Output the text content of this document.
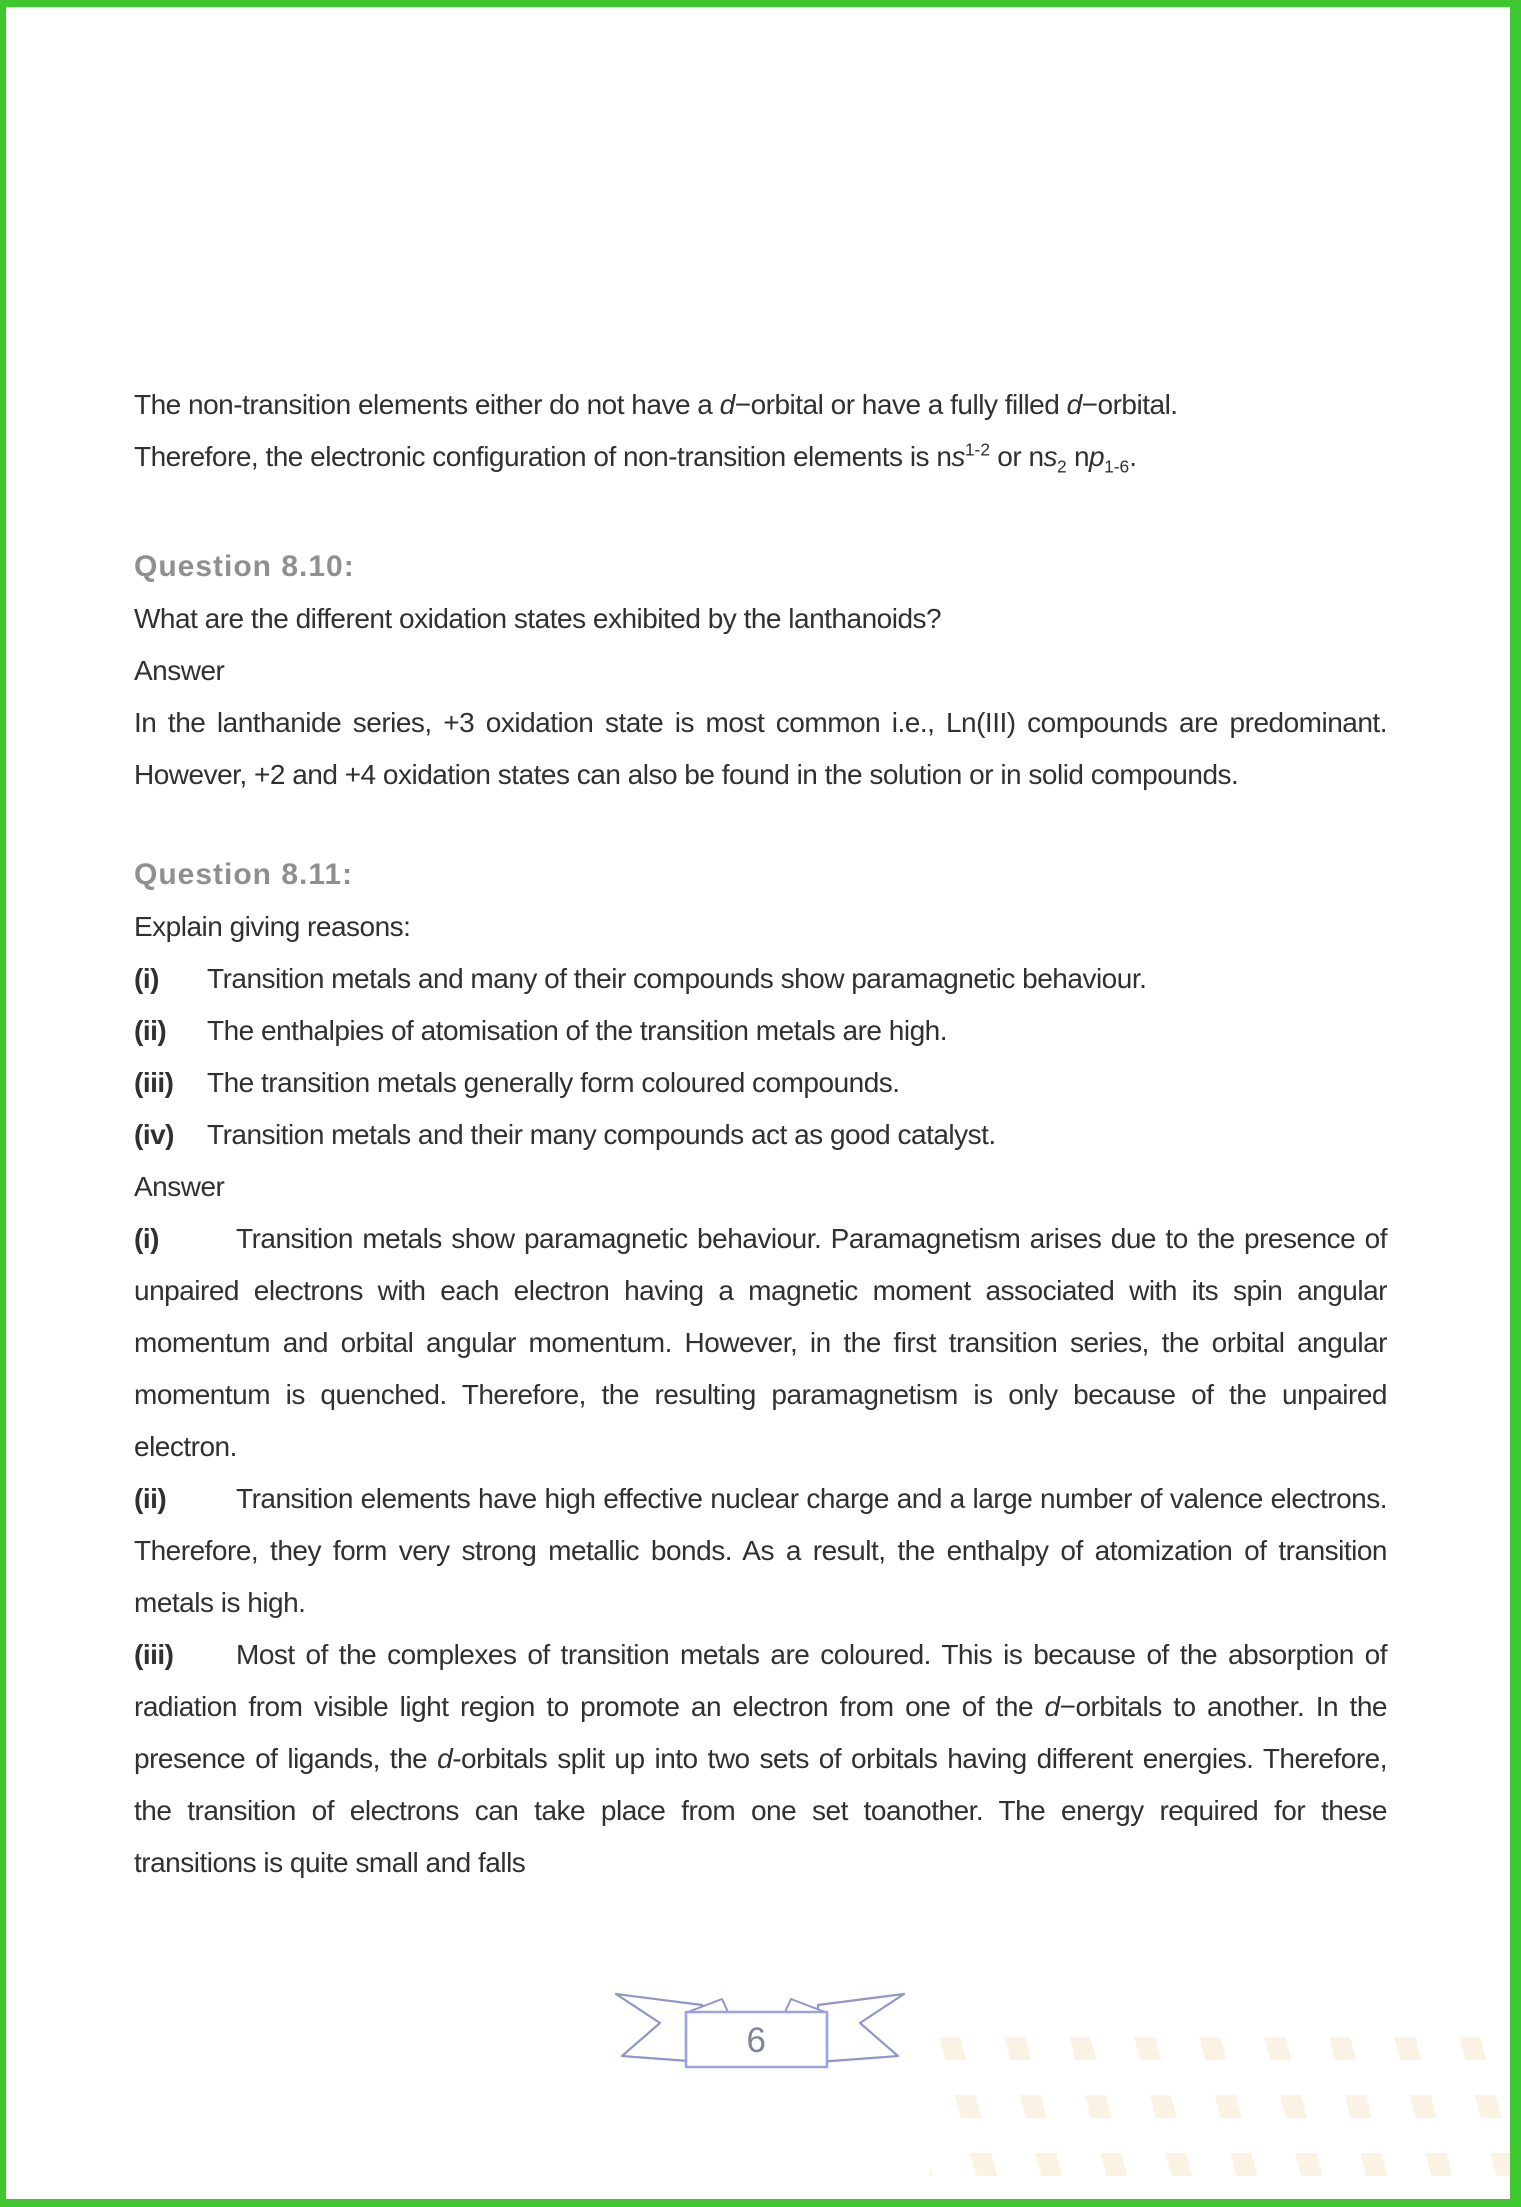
The non-transition elements either do not have a d−orbital or have a fully filled d−orbital.
Therefore, the electronic configuration of non-transition elements is $ns^{1-2}$ or $ns_2$ $np_{1-6}$.

Question 8.10:

What are the different oxidation states exhibited by the lanthanoids?

Answer

In the lanthanide series, +3 oxidation state is most common i.e., Ln(III) compounds are predominant. However, +2 and +4 oxidation states can also be found in the solution or in solid compounds.

Question 8.11:

Explain giving reasons:

(i)	Transition metals and many of their compounds show paramagnetic behaviour.
(ii)	The enthalpies of atomisation of the transition metals are high.
(iii)	The transition metals generally form coloured compounds.
(iv)	Transition metals and their many compounds act as good catalyst.

Answer

(i)	Transition metals show paramagnetic behaviour. Paramagnetism arises due to the presence of unpaired electrons with each electron having a magnetic moment associated with its spin angular momentum and orbital angular momentum. However, in the first transition series, the orbital angular momentum is quenched. Therefore, the resulting paramagnetism is only because of the unpaired electron.

(ii) Transition elements have high effective nuclear charge and a large number of valence electrons. Therefore, they form very strong metallic bonds. As a result, the enthalpy of atomization of transition metals is high.

(iii) Most of the complexes of transition metals are coloured. This is because of the absorption of radiation from visible light region to promote an electron from one of the d−orbitals to another. In the presence of ligands, the d-orbitals split up into two sets of orbitals having different energies. Therefore, the transition of electrons can take place from one set toanother. The energy required for these transitions is quite small and falls

6
